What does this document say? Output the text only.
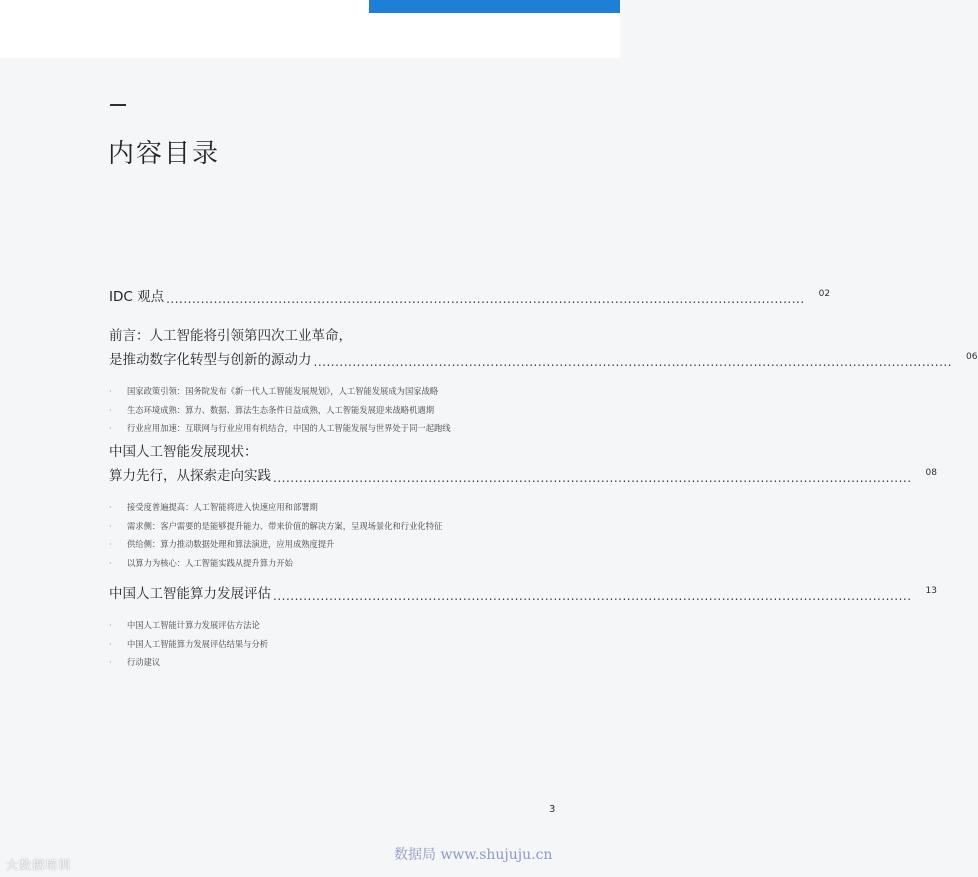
内容目录
IDC 观点 .................................................................................................................................................... 02
前言：人工智能将引领第四次工业革命，
是推动数字化转型与创新的源动力 .................................................................................................................................................... 06
·	国家政策引领：国务院发布《新一代人工智能发展规划》，人工智能发展成为国家战略
·	生态环境成熟：算力、数据、算法生态条件日益成熟，人工智能发展迎来战略机遇期
·	行业应用加速：互联网与行业应用有机结合，中国的人工智能发展与世界处于同一起跑线
中国人工智能发展现状：
算力先行，从探索走向实践 .................................................................................................................................................... 08
·	接受度普遍提高：人工智能将进入快速应用和部署期
·	需求侧：客户需要的是能够提升能力、带来价值的解决方案，呈现场景化和行业化特征
·	供给侧：算力推动数据处理和算法演进，应用成熟度提升
·	以算力为核心：人工智能实践从提升算力开始
中国人工智能算力发展评估 .................................................................................................................................................... 13
·	中国人工智能计算力发展评估方法论
·	中国人工智能算力发展评估结果与分析
·	行动建议
3
大数据培训
数据局 www.shujuju.cn
